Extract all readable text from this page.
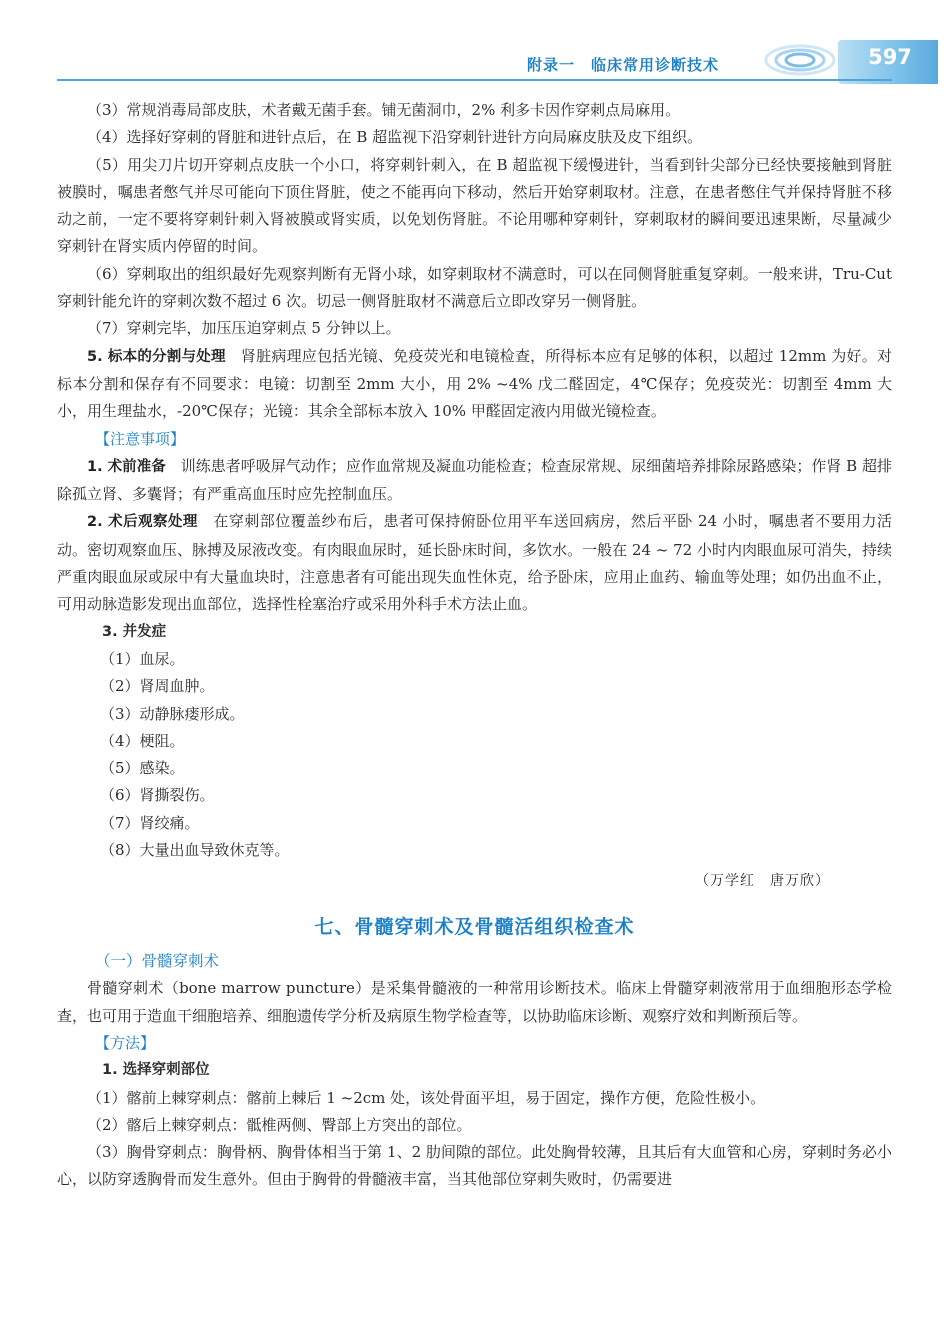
附录一　临床常用诊断技术	597

（3）常规消毒局部皮肤，术者戴无菌手套。铺无菌洞巾，2% 利多卡因作穿刺点局麻用。

（4）选择好穿刺的肾脏和进针点后，在 B 超监视下沿穿刺针进针方向局麻皮肤及皮下组织。

（5）用尖刀片切开穿刺点皮肤一个小口，将穿刺针刺入，在 B 超监视下缓慢进针，当看到针尖部分已经快要接触到肾脏被膜时，嘱患者憋气并尽可能向下顶住肾脏，使之不能再向下移动，然后开始穿刺取材。注意，在患者憋住气并保持肾脏不移动之前，一定不要将穿刺针刺入肾被膜或肾实质，以免划伤肾脏。不论用哪种穿刺针，穿刺取材的瞬间要迅速果断，尽量减少穿刺针在肾实质内停留的时间。

（6）穿刺取出的组织最好先观察判断有无肾小球，如穿刺取材不满意时，可以在同侧肾脏重复穿刺。一般来讲，Tru-Cut 穿刺针能允许的穿刺次数不超过 6 次。切忌一侧肾脏取材不满意后立即改穿另一侧肾脏。

（7）穿刺完毕，加压压迫穿刺点 5 分钟以上。

5. 标本的分割与处理　 肾脏病理应包括光镜、免疫荧光和电镜检查，所得标本应有足够的体积，以超过 12mm 为好。对标本分割和保存有不同要求：电镜：切割至 2mm 大小，用 2% ~4% 戊二醛固定，4℃保存；免疫荧光：切割至 4mm 大小，用生理盐水，-20℃保存；光镜：其余全部标本放入 10% 甲醛固定液内用做光镜检查。

【注意事项】

1. 术前准备　 训练患者呼吸屏气动作；应作血常规及凝血功能检查；检查尿常规、尿细菌培养排除尿路感染；作肾 B 超排除孤立肾、多囊肾；有严重高血压时应先控制血压。

2. 术后观察处理　 在穿刺部位覆盖纱布后，患者可保持俯卧位用平车送回病房，然后平卧 24 小时，嘱患者不要用力活动。密切观察血压、脉搏及尿液改变。有肉眼血尿时，延长卧床时间，多饮水。一般在 24 ~ 72 小时内肉眼血尿可消失，持续严重肉眼血尿或尿中有大量血块时，注意患者有可能出现失血性休克，给予卧床，应用止血药、输血等处理；如仍出血不止，可用动脉造影发现出血部位，选择性栓塞治疗或采用外科手术方法止血。

3. 并发症

（1）血尿。

（2）肾周血肿。

（3）动静脉瘘形成。

（4）梗阻。

（5）感染。

（6）肾撕裂伤。

（7）肾绞痛。

（8）大量出血导致休克等。

（万学红　唐万欣）

七、骨髓穿刺术及骨髓活组织检查术

（一）骨髓穿刺术

骨髓穿刺术（bone marrow puncture）是采集骨髓液的一种常用诊断技术。临床上骨髓穿刺液常用于血细胞形态学检查，也可用于造血干细胞培养、细胞遗传学分析及病原生物学检查等，以协助临床诊断、观察疗效和判断预后等。

【方法】

1. 选择穿刺部位

（1）髂前上棘穿刺点：髂前上棘后 1 ~2cm 处，该处骨面平坦，易于固定，操作方便，危险性极小。

（2）髂后上棘穿刺点：骶椎两侧、臀部上方突出的部位。

（3）胸骨穿刺点：胸骨柄、胸骨体相当于第 1、2 肋间隙的部位。此处胸骨较薄，且其后有大血管和心房，穿刺时务必小心，以防穿透胸骨而发生意外。但由于胸骨的骨髓液丰富，当其他部位穿刺失败时，仍需要进
